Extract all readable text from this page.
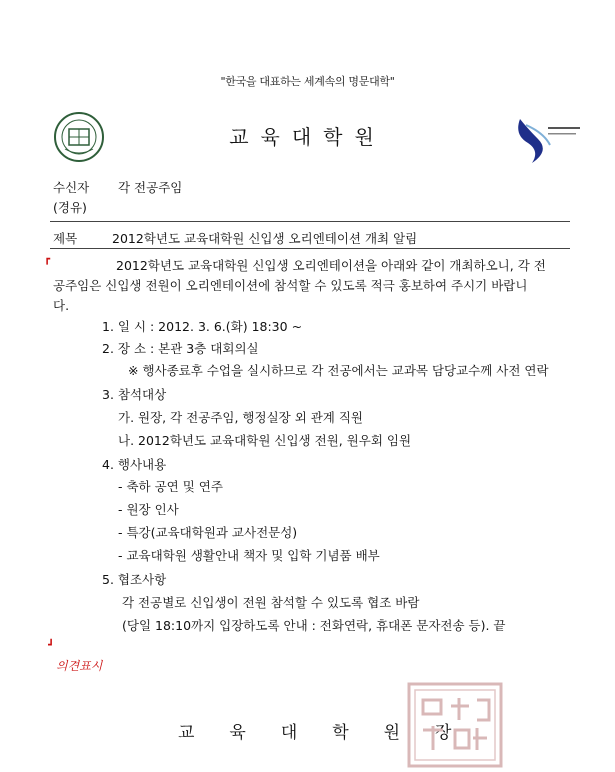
"한국을 대표하는 세계속의 명문대학"
교육대학원
수신자 각 전공주임
(경유)
제목	2012학년도 교육대학원 신입생 오리엔테이션 개최 알림
┏	2012학년도 교육대학원 신입생 오리엔테이션을 아래와 같이 개최하오니, 각 전
공주임은 신입생 전원이 오리엔테이션에 참석할 수 있도록 적극 홍보하여 주시기 바랍니
다.
1. 일 시 : 2012. 3. 6.(화) 18:30 ~
2. 장 소 : 본관 3층 대회의실
※ 행사종료후 수업을 실시하므로 각 전공에서는 교과목 담당교수께 사전 연락
3. 참석대상
가. 원장, 각 전공주임, 행정실장 외 관계 직원
나. 2012학년도 교육대학원 신입생 전원, 원우회 임원
4. 행사내용
- 축하 공연 및 연주
- 원장 인사
- 특강(교육대학원과 교사전문성)
- 교육대학원 생활안내 책자 및 입학 기념품 배부
5. 협조사항
각 전공별로 신입생이 전원 참석할 수 있도록 협조 바람
(당일 18:10까지 입장하도록 안내 : 전화연락, 휴대폰 문자전송 등). 끝
┛
의견표시
교 육 대 학 원 장
